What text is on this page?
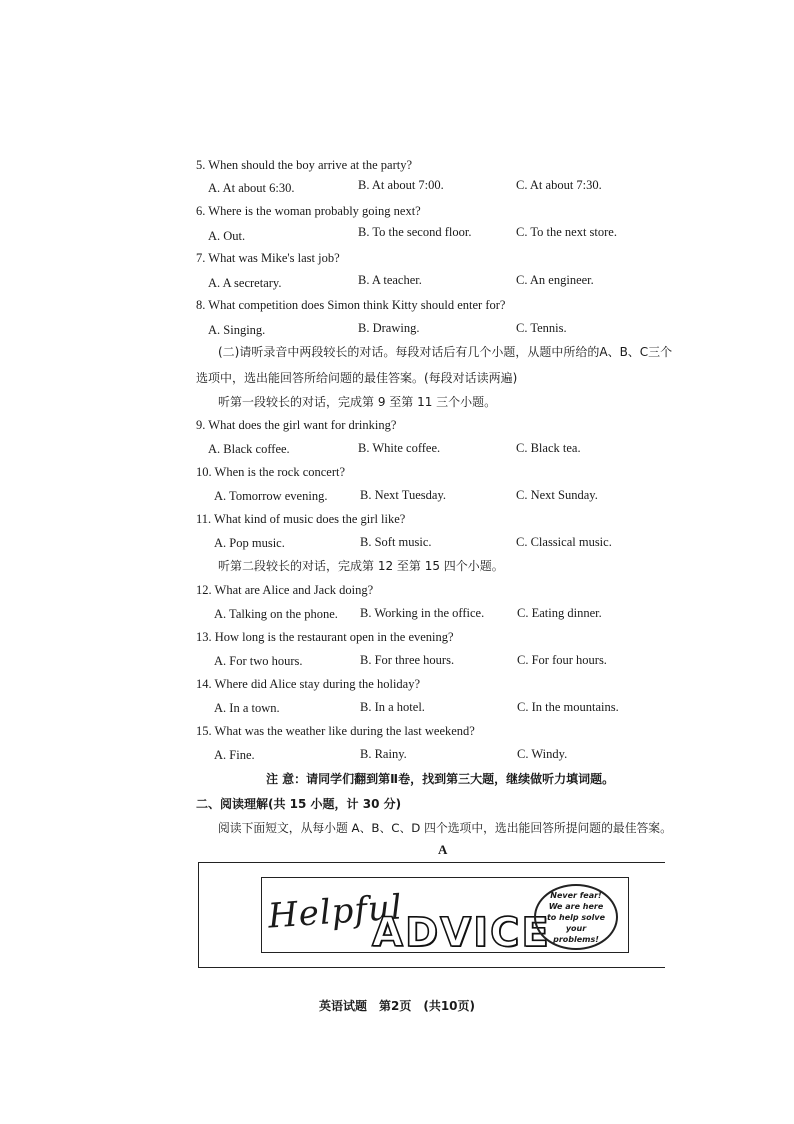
5. When should the boy arrive at the party?
A. At about 6:30.	B. At about 7:00.	C. At about 7:30.
6. Where is the woman probably going next?
A. Out.	B. To the second floor.	C. To the next store.
7. What was Mike's last job?
A. A secretary.	B. A teacher.	C. An engineer.
8. What competition does Simon think Kitty should enter for?
A. Singing.	B. Drawing.	C. Tennis.
(二)请听录音中两段较长的对话。每段对话后有几个小题，从题中所给的A、B、C三个
选项中，选出能回答所给问题的最佳答案。(每段对话读两遍)
听第一段较长的对话，完成第 9 至第 11 三个小题。
9. What does the girl want for drinking?
A. Black coffee.	B. White coffee.	C. Black tea.
10. When is the rock concert?
A. Tomorrow evening.	B. Next Tuesday.	C. Next Sunday.
11. What kind of music does the girl like?
A. Pop music.	B. Soft music.	C. Classical music.
听第二段较长的对话，完成第 12 至第 15 四个小题。
12. What are Alice and Jack doing?
A. Talking on the phone. B. Working in the office.	C. Eating dinner.
13. How long is the restaurant open in the evening?
A. For two hours.	B. For three hours.	C. For four hours.
14. Where did Alice stay during the holiday?
A. In a town.	B. In a hotel.	C. In the mountains.
15. What was the weather like during the last weekend?
A. Fine.	B. Rainy.	C. Windy.
注 意：请同学们翻到第Ⅱ卷，找到第三大题，继续做听力填词题。
二、阅读理解(共 15 小题，计 30 分)
阅读下面短文，从每小题 A、B、C、D 四个选项中，选出能回答所提问题的最佳答案。
A
Helpful
ADVICE
Never fear! We are here to help solve your problems!
英语试题　第2页　(共10页)
